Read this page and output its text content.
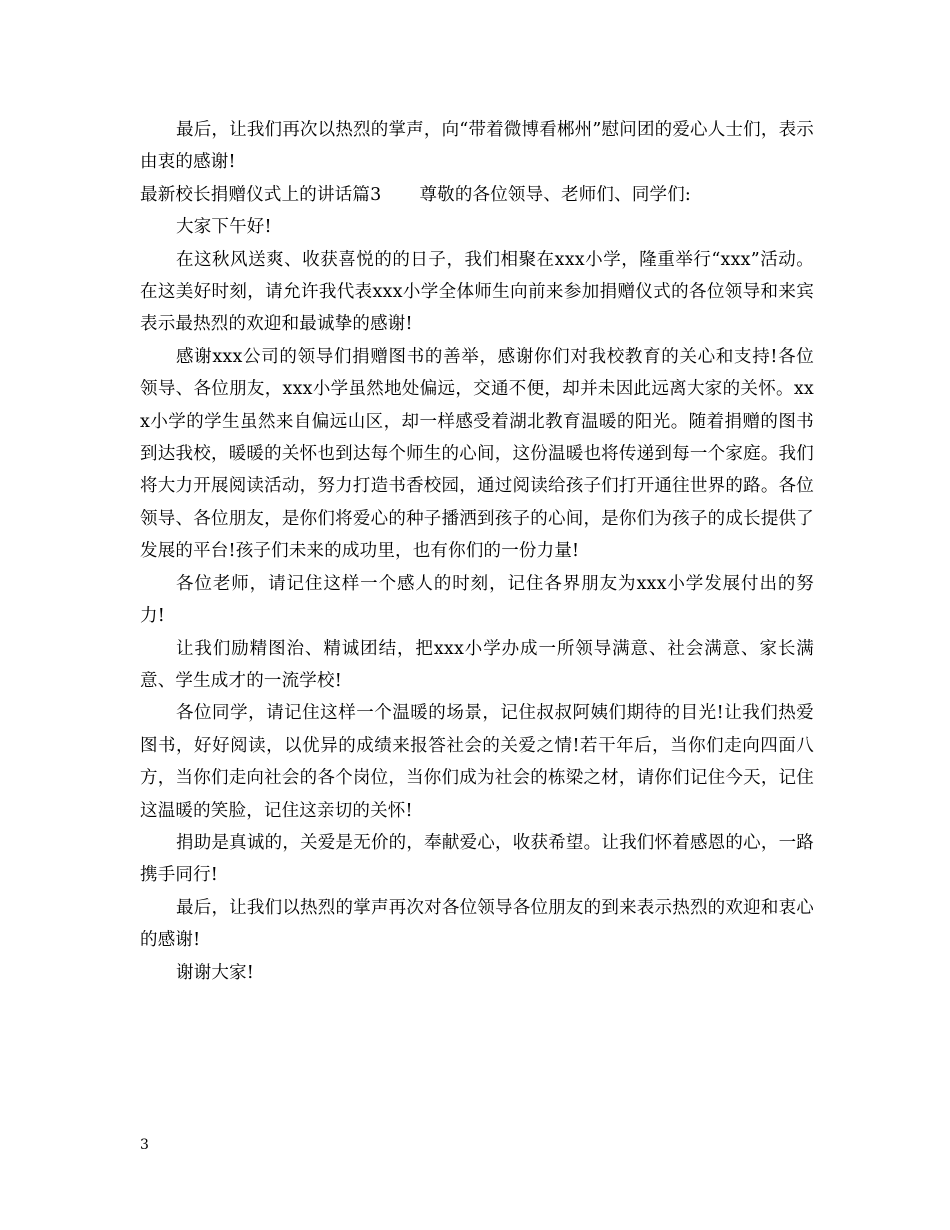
最后，让我们再次以热烈的掌声，向“带着微博看郴州”慰问团的爱心人士们，表示由衷的感谢!

最新校长捐赠仪式上的讲话篇3 尊敬的各位领导、老师们、同学们:

大家下午好!

在这秋风送爽、收获喜悦的的日子，我们相聚在xxx小学，隆重举行“xxx”活动。在这美好时刻，请允许我代表xxx小学全体师生向前来参加捐赠仪式的各位领导和来宾表示最热烈的欢迎和最诚挚的感谢!

感谢xxx公司的领导们捐赠图书的善举，感谢你们对我校教育的关心和支持!各位领导、各位朋友，xxx小学虽然地处偏远，交通不便，却并未因此远离大家的关怀。xxx小学的学生虽然来自偏远山区，却一样感受着湖北教育温暖的阳光。随着捐赠的图书到达我校，暖暖的关怀也到达每个师生的心间，这份温暖也将传递到每一个家庭。我们将大力开展阅读活动，努力打造书香校园，通过阅读给孩子们打开通往世界的路。各位领导、各位朋友，是你们将爱心的种子播洒到孩子的心间，是你们为孩子的成长提供了发展的平台!孩子们未来的成功里，也有你们的一份力量!

各位老师，请记住这样一个感人的时刻，记住各界朋友为xxx小学发展付出的努力!

让我们励精图治、精诚团结，把xxx小学办成一所领导满意、社会满意、家长满意、学生成才的一流学校!

各位同学，请记住这样一个温暖的场景，记住叔叔阿姨们期待的目光!让我们热爱图书，好好阅读，以优异的成绩来报答社会的关爱之情!若干年后，当你们走向四面八方，当你们走向社会的各个岗位，当你们成为社会的栋梁之材，请你们记住今天，记住这温暖的笑脸，记住这亲切的关怀!

捐助是真诚的，关爱是无价的，奉献爱心，收获希望。让我们怀着感恩的心，一路携手同行!

最后，让我们以热烈的掌声再次对各位领导各位朋友的到来表示热烈的欢迎和衷心的感谢!

谢谢大家!

3
